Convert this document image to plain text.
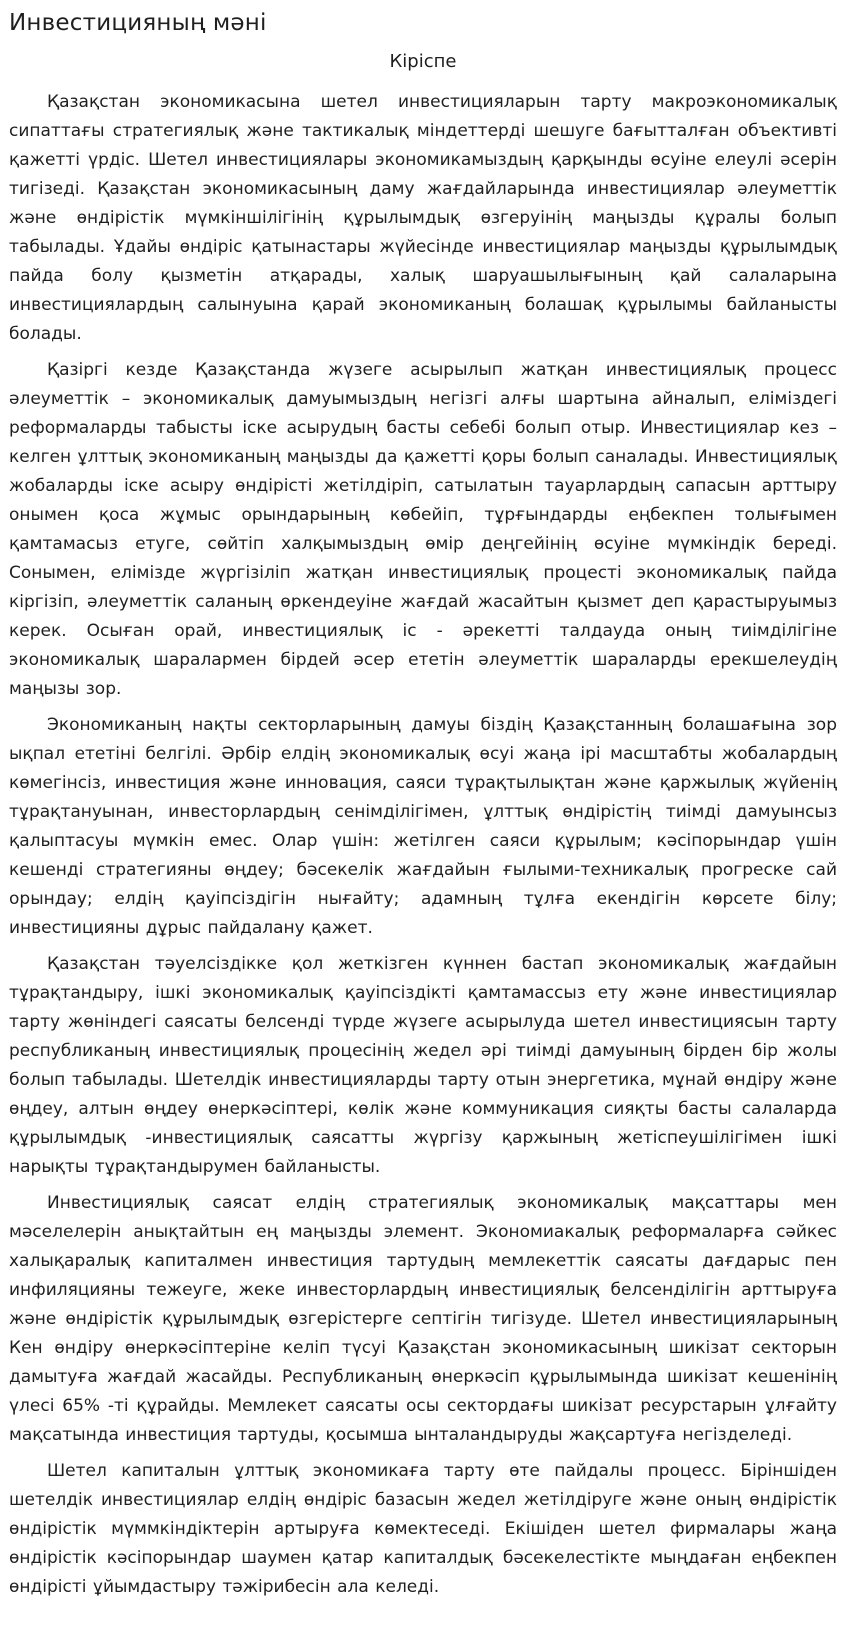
Инвестицияның мәні
Кіріспе

Қазақстан экономикасына шетел инвестицияларын тарту макроэкономикалық сипаттағы стратегиялық және тактикалық міндеттерді шешуге бағытталған объективті қажетті үрдіс. Шетел инвестициялары экономикамыздың қарқынды өсуіне елеулі әсерін тигізеді. Қазақстан экономикасының даму жағдайларында инвестициялар әлеуметтік және өндірістік мүмкіншілігінің құрылымдық өзгеруінің маңызды құралы болып табылады. Ұдайы өндіріс қатынастары жүйесінде инвестициялар маңызды құрылымдық пайда болу қызметін атқарады, халық шаруашылығының қай салаларына инвестициялардың салынуына қарай экономиканың болашақ құрылымы байланысты болады.

Қазіргі кезде Қазақстанда жүзеге асырылып жатқан инвестициялық процесс әлеуметтік – экономикалық дамуымыздың негізгі алғы шартына айналып, еліміздегі реформаларды табысты іске асырудың басты себебі болып отыр. Инвестициялар кез – келген ұлттық экономиканың маңызды да қажетті қоры болып саналады. Инвестициялық жобаларды іске асыру өндірісті жетілдіріп, сатылатын тауарлардың сапасын арттыру онымен қоса жұмыс орындарының көбейіп, тұрғындарды еңбекпен толығымен қамтамасыз етуге, сөйтіп халқымыздың өмір деңгейінің өсуіне мүмкіндік береді. Сонымен, елімізде жүргізіліп жатқан инвестициялық процесті экономикалық пайда кіргізіп, әлеуметтік саланың өркендеуіне жағдай жасайтын қызмет деп қарастыруымыз керек. Осыған орай, инвестициялық іс - әрекетті талдауда оның тиімділігіне экономикалық шаралармен бірдей әсер ететін әлеуметтік шараларды ерекшелеудің маңызы зор.

Экономиканың нақты секторларының дамуы біздің Қазақстанның болашағына зор ықпал ететіні белгілі. Әрбір елдің экономикалық өсуі жаңа ірі масштабты жобалардың көмегінсіз, инвестиция және инновация, саяси тұрақтылықтан және қаржылық жүйенің тұрақтануынан, инвесторлардың сенімділігімен, ұлттық өндірістің тиімді дамуынсыз қалыптасуы мүмкін емес. Олар үшін: жетілген саяси құрылым; кәсіпорындар үшін кешенді стратегияны өңдеу; бәсекелік жағдайын ғылыми-техникалық прогреске сай орындау; елдің қауіпсіздігін нығайту; адамның тұлға екендігін көрсете білу; инвестицияны дұрыс пайдалану қажет.

Қазақстан тәуелсіздікке қол жеткізген күннен бастап экономикалық жағдайын тұрақтандыру, ішкі экономикалық қауіпсіздікті қамтамассыз ету және инвестициялар тарту жөніндегі саясаты белсенді түрде жүзеге асырылуда шетел инвестициясын тарту республиканың инвестициялық процесінің жедел әрі тиімді дамуының бірден бір жолы болып табылады. Шетелдік инвестицияларды тарту отын энергетика, мұнай өндіру және өңдеу, алтын өңдеу өнеркәсіптері, көлік және коммуникация сияқты басты салаларда құрылымдық -инвестициялық саясатты жүргізу қаржының жетіспеушілігімен ішкі нарықты тұрақтандырумен байланысты.

Инвестициялық саясат елдің стратегиялық экономикалық мақсаттары мен мәселелерін анықтайтын ең маңызды элемент. Экономиакалық реформаларға сәйкес халықаралық капиталмен инвестиция тартудың мемлекеттік саясаты дағдарыс пен инфиляцияны тежеуге, жеке инвесторлардың инвестициялық белсенділігін арттыруға және өндірістік құрылымдық өзгерістерге септігін тигізуде. Шетел инвестицияларының Кен өндіру өнеркәсіптеріне келіп түсуі Қазақстан экономикасының шикізат секторын дамытуға жағдай жасайды. Республиканың өнеркәсіп құрылымында шикізат кешенінің үлесі 65% -ті құрайды. Мемлекет саясаты осы сектордағы шикізат ресурстарын ұлғайту мақсатында инвестиция тартуды, қосымша ынталандыруды жақсартуға негізделеді.

Шетел капиталын ұлттық экономикаға тарту өте пайдалы процесс. Біріншіден шетелдік инвестициялар елдің өндіріс базасын жедел жетілдіруге және оның өндірістік өндірістік мүммкіндіктерін артыруға көмектеседі. Екішіден шетел фирмалары жаңа өндірістік кәсіпорындар шаумен қатар капиталдық бәсекелестікте мыңдаған еңбекпен өндірісті ұйымдастыру тәжірибесін ала келеді.
